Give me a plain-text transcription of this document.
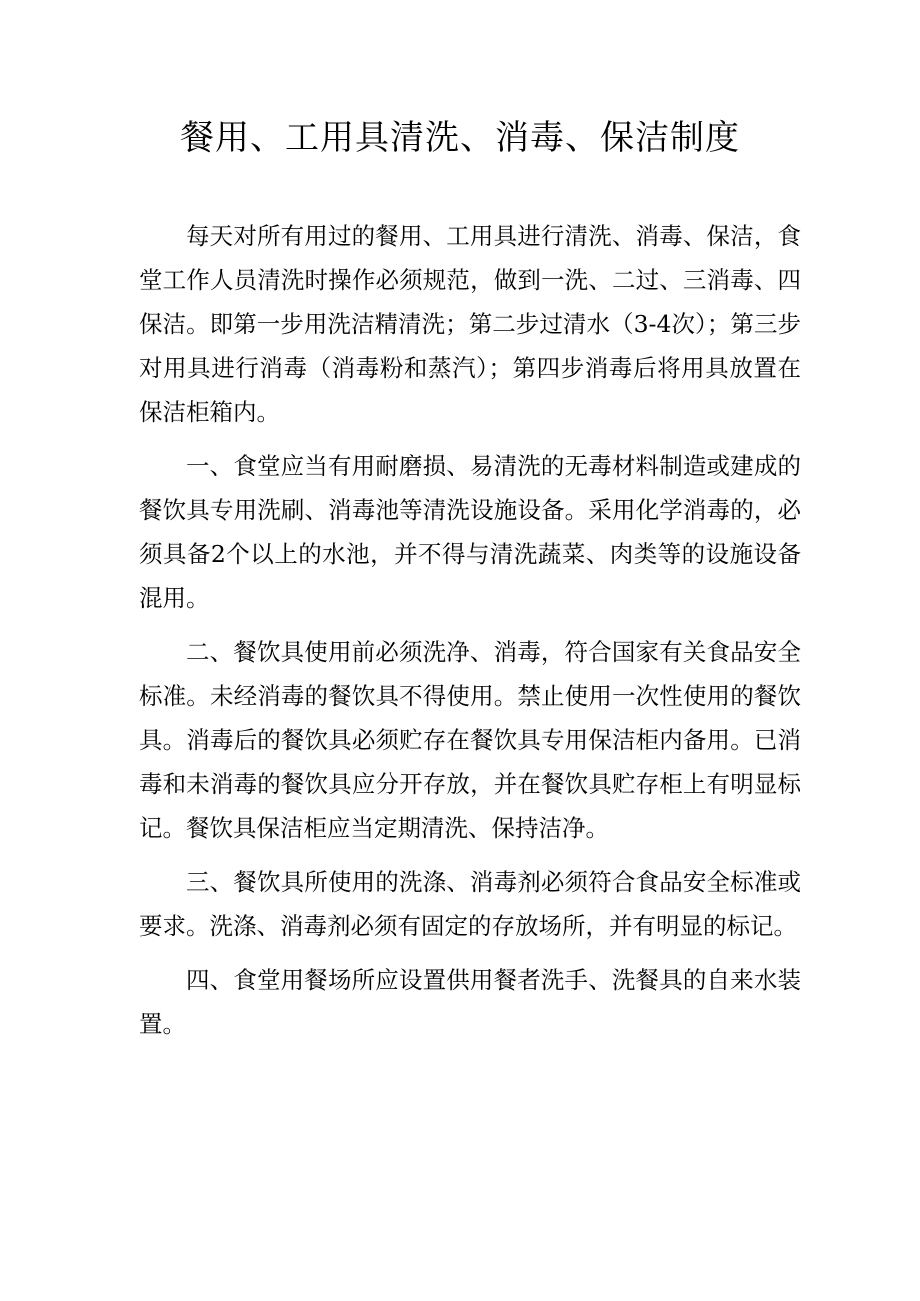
餐用、工用具清洗、消毒、保洁制度

每天对所有用过的餐用、工用具进行清洗、消毒、保洁，食堂工作人员清洗时操作必须规范，做到一洗、二过、三消毒、四保洁。即第一步用洗洁精清洗；第二步过清水（3-4次）；第三步对用具进行消毒（消毒粉和蒸汽）；第四步消毒后将用具放置在保洁柜箱内。

一、食堂应当有用耐磨损、易清洗的无毒材料制造或建成的餐饮具专用洗刷、消毒池等清洗设施设备。采用化学消毒的，必须具备2个以上的水池，并不得与清洗蔬菜、肉类等的设施设备混用。

二、餐饮具使用前必须洗净、消毒，符合国家有关食品安全标准。未经消毒的餐饮具不得使用。禁止使用一次性使用的餐饮具。消毒后的餐饮具必须贮存在餐饮具专用保洁柜内备用。已消毒和未消毒的餐饮具应分开存放，并在餐饮具贮存柜上有明显标记。餐饮具保洁柜应当定期清洗、保持洁净。

三、餐饮具所使用的洗涤、消毒剂必须符合食品安全标准或要求。洗涤、消毒剂必须有固定的存放场所，并有明显的标记。

四、食堂用餐场所应设置供用餐者洗手、洗餐具的自来水装置。
